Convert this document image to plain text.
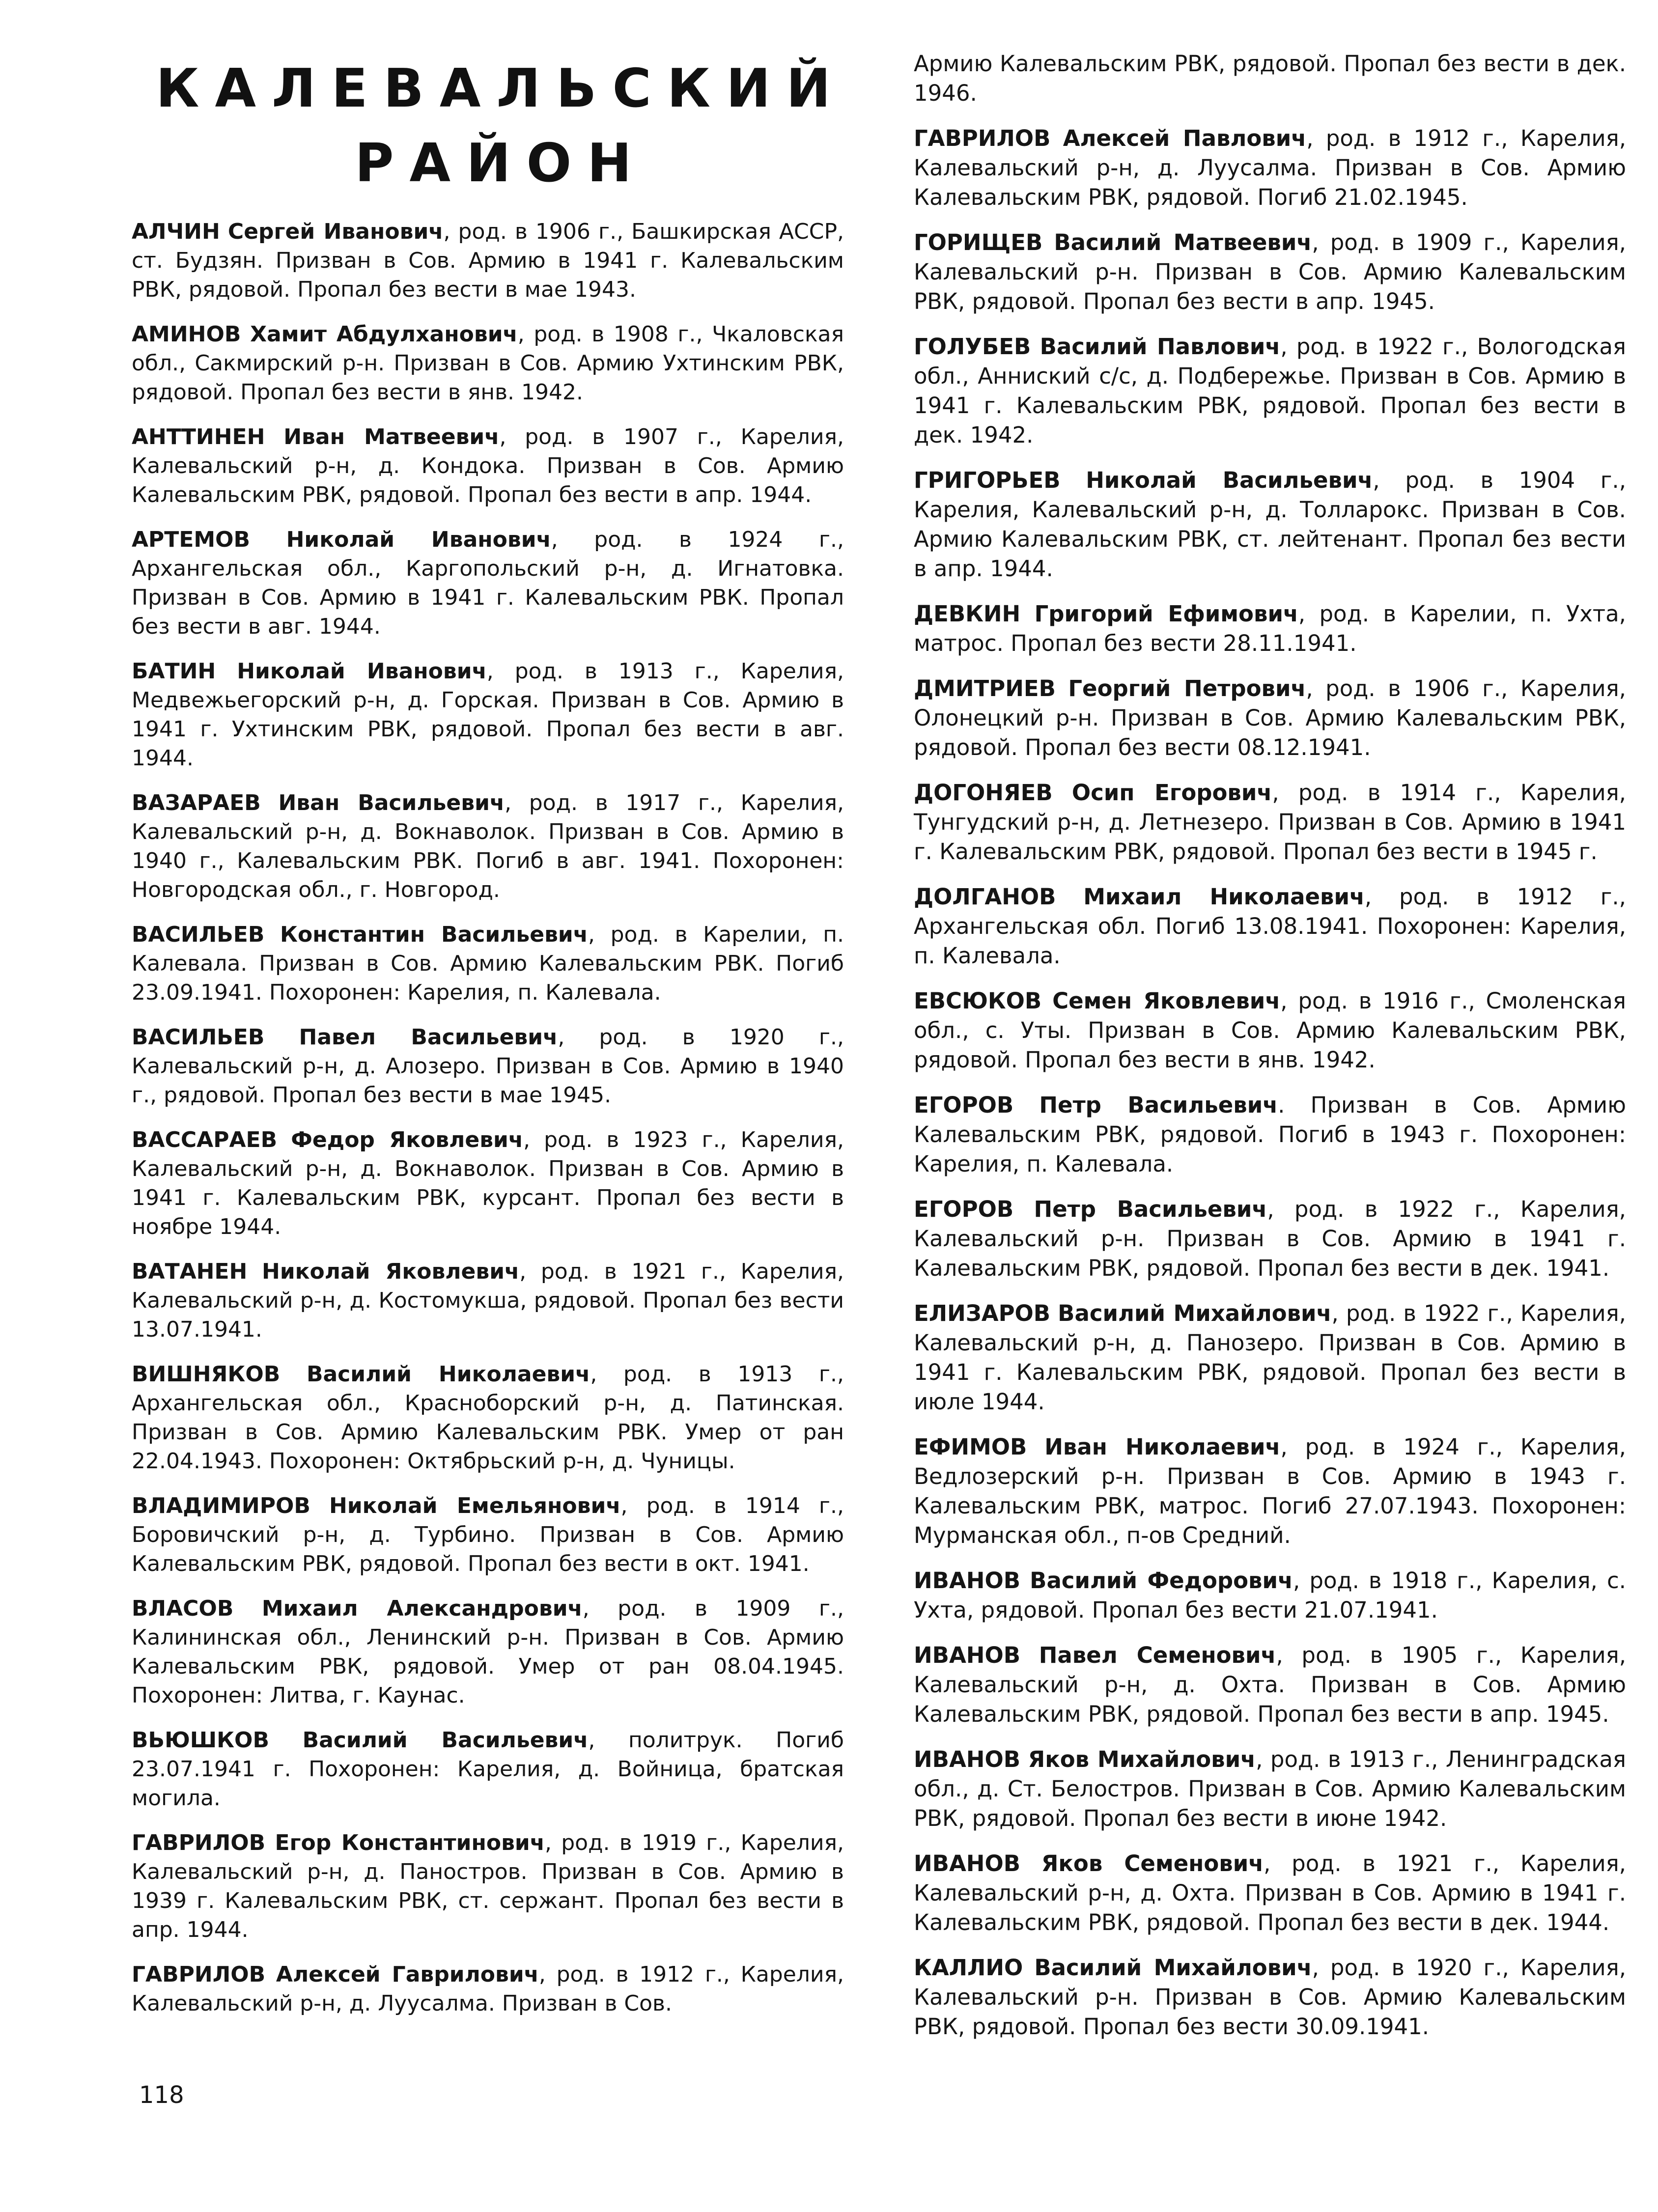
КАЛЕВАЛЬСКИЙ
РАЙОН

АЛЧИН Сергей Иванович, род. в 1906 г., Башкирская АССР, ст. Будзян. Призван в Сов. Армию в 1941 г. Калевальским РВК, рядовой. Пропал без вести в мае 1943.

АМИНОВ Хамит Абдулханович, род. в 1908 г., Чкаловская обл., Сакмирский р-н. Призван в Сов. Армию Ухтинским РВК, рядовой. Пропал без вести в янв. 1942.

АНТТИНЕН Иван Матвеевич, род. в 1907 г., Карелия, Калевальский р-н, д. Кондока. Призван в Сов. Армию Калевальским РВК, рядовой. Пропал без вести в апр. 1944.

АРТЕМОВ Николай Иванович, род. в 1924 г., Архангельская обл., Каргопольский р-н, д. Игнатовка. Призван в Сов. Армию в 1941 г. Калевальским РВК. Пропал без вести в авг. 1944.

БАТИН Николай Иванович, род. в 1913 г., Карелия, Медвежьегорский р-н, д. Горская. Призван в Сов. Армию в 1941 г. Ухтинским РВК, рядовой. Пропал без вести в авг. 1944.

ВАЗАРАЕВ Иван Васильевич, род. в 1917 г., Карелия, Калевальский р-н, д. Вокнаволок. Призван в Сов. Армию в 1940 г., Калевальским РВК. Погиб в авг. 1941. Похоронен: Новгородская обл., г. Новгород.

ВАСИЛЬЕВ Константин Васильевич, род. в Карелии, п. Калевала. Призван в Сов. Армию Калевальским РВК. Погиб 23.09.1941. Похоронен: Карелия, п. Калевала.

ВАСИЛЬЕВ Павел Васильевич, род. в 1920 г., Калевальский р-н, д. Алозеро. Призван в Сов. Армию в 1940 г., рядовой. Пропал без вести в мае 1945.

ВАССАРАЕВ Федор Яковлевич, род. в 1923 г., Карелия, Калевальский р-н, д. Вокнаволок. Призван в Сов. Армию в 1941 г. Калевальским РВК, курсант. Пропал без вести в ноябре 1944.

ВАТАНЕН Николай Яковлевич, род. в 1921 г., Карелия, Калевальский р-н, д. Костомукша, рядовой. Пропал без вести 13.07.1941.

ВИШНЯКОВ Василий Николаевич, род. в 1913 г., Архангельская обл., Красноборский р-н, д. Патинская. Призван в Сов. Армию Калевальским РВК. Умер от ран 22.04.1943. Похоронен: Октябрьский р-н, д. Чуницы.

ВЛАДИМИРОВ Николай Емельянович, род. в 1914 г., Боровичский р-н, д. Турбино. Призван в Сов. Армию Калевальским РВК, рядовой. Пропал без вести в окт. 1941.

ВЛАСОВ Михаил Александрович, род. в 1909 г., Калининская обл., Ленинский р-н. Призван в Сов. Армию Калевальским РВК, рядовой. Умер от ран 08.04.1945. Похоронен: Литва, г. Каунас.

ВЬЮШКОВ Василий Васильевич, политрук. Погиб 23.07.1941 г. Похоронен: Карелия, д. Войница, братская могила.

ГАВРИЛОВ Егор Константинович, род. в 1919 г., Карелия, Калевальский р-н, д. Паностров. Призван в Сов. Армию в 1939 г. Калевальским РВК, ст. сержант. Пропал без вести в апр. 1944.

ГАВРИЛОВ Алексей Гаврилович, род. в 1912 г., Карелия, Калевальский р-н, д. Луусалма. Призван в Сов.

Армию Калевальским РВК, рядовой. Пропал без вести в дек. 1946.

ГАВРИЛОВ Алексей Павлович, род. в 1912 г., Карелия, Калевальский р-н, д. Луусалма. Призван в Сов. Армию Калевальским РВК, рядовой. Погиб 21.02.1945.

ГОРИЩЕВ Василий Матвеевич, род. в 1909 г., Карелия, Калевальский р-н. Призван в Сов. Армию Калевальским РВК, рядовой. Пропал без вести в апр. 1945.

ГОЛУБЕВ Василий Павлович, род. в 1922 г., Вологодская обл., Анниский с/с, д. Подбережье. Призван в Сов. Армию в 1941 г. Калевальским РВК, рядовой. Пропал без вести в дек. 1942.

ГРИГОРЬЕВ Николай Васильевич, род. в 1904 г., Карелия, Калевальский р-н, д. Толларокс. Призван в Сов. Армию Калевальским РВК, ст. лейтенант. Пропал без вести в апр. 1944.

ДЕВКИН Григорий Ефимович, род. в Карелии, п. Ухта, матрос. Пропал без вести 28.11.1941.

ДМИТРИЕВ Георгий Петрович, род. в 1906 г., Карелия, Олонецкий р-н. Призван в Сов. Армию Калевальским РВК, рядовой. Пропал без вести 08.12.1941.

ДОГОНЯЕВ Осип Егорович, род. в 1914 г., Карелия, Тунгудский р-н, д. Летнезеро. Призван в Сов. Армию в 1941 г. Калевальским РВК, рядовой. Пропал без вести в 1945 г.

ДОЛГАНОВ Михаил Николаевич, род. в 1912 г., Архангельская обл. Погиб 13.08.1941. Похоронен: Карелия, п. Калевала.

ЕВСЮКОВ Семен Яковлевич, род. в 1916 г., Смоленская обл., с. Уты. Призван в Сов. Армию Калевальским РВК, рядовой. Пропал без вести в янв. 1942.

ЕГОРОВ Петр Васильевич. Призван в Сов. Армию Калевальским РВК, рядовой. Погиб в 1943 г. Похоронен: Карелия, п. Калевала.

ЕГОРОВ Петр Васильевич, род. в 1922 г., Карелия, Калевальский р-н. Призван в Сов. Армию в 1941 г. Калевальским РВК, рядовой. Пропал без вести в дек. 1941.

ЕЛИЗАРОВ Василий Михайлович, род. в 1922 г., Карелия, Калевальский р-н, д. Панозеро. Призван в Сов. Армию в 1941 г. Калевальским РВК, рядовой. Пропал без вести в июле 1944.

ЕФИМОВ Иван Николаевич, род. в 1924 г., Карелия, Ведлозерский р-н. Призван в Сов. Армию в 1943 г. Калевальским РВК, матрос. Погиб 27.07.1943. Похоронен: Мурманская обл., п-ов Средний.

ИВАНОВ Василий Федорович, род. в 1918 г., Карелия, с. Ухта, рядовой. Пропал без вести 21.07.1941.

ИВАНОВ Павел Семенович, род. в 1905 г., Карелия, Калевальский р-н, д. Охта. Призван в Сов. Армию Калевальским РВК, рядовой. Пропал без вести в апр. 1945.

ИВАНОВ Яков Михайлович, род. в 1913 г., Ленинградская обл., д. Ст. Белостров. Призван в Сов. Армию Калевальским РВК, рядовой. Пропал без вести в июне 1942.

ИВАНОВ Яков Семенович, род. в 1921 г., Карелия, Калевальский р-н, д. Охта. Призван в Сов. Армию в 1941 г. Калевальским РВК, рядовой. Пропал без вести в дек. 1944.

КАЛЛИО Василий Михайлович, род. в 1920 г., Карелия, Калевальский р-н. Призван в Сов. Армию Калевальским РВК, рядовой. Пропал без вести 30.09.1941.

118
